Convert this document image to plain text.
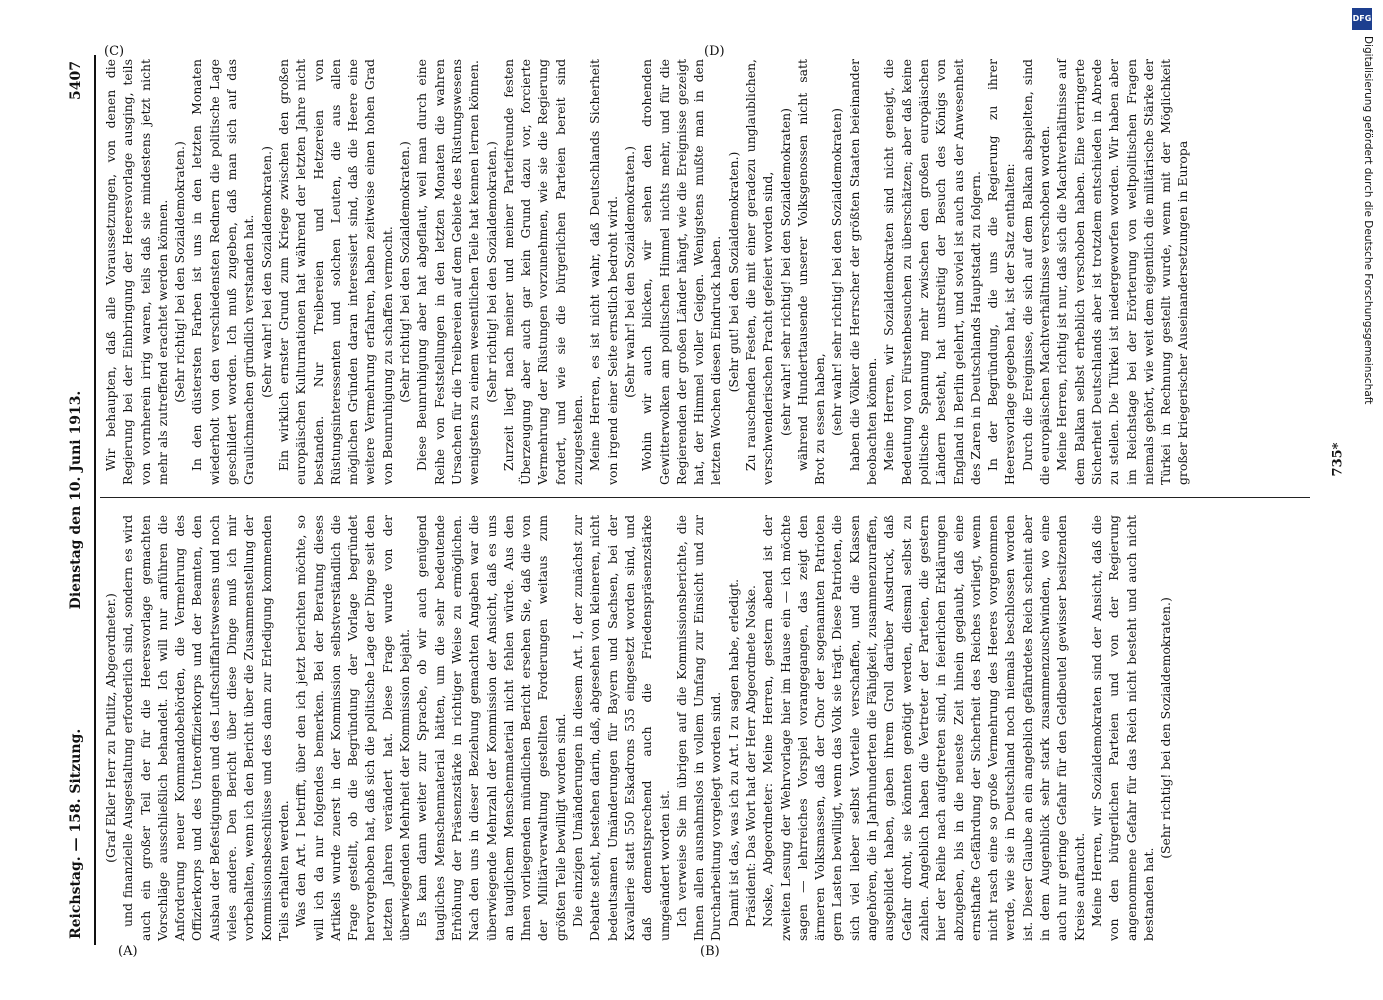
Reichstag. — 158. Sitzung.
Dienstag den 10. Juni 1913.
5407

(Graf Ekler Herr zu Putlitz, Abgeordneter.) und finanzielle Ausgestaltung erforderlich sind, sondern es wird auch ein großer Teil der für die Heeresvorlage gemachten Vorschläge ausschließlich behandelt. Ich will nur anführen die Anforderung neuer Kommandobehörden, die Vermehrung des Offizierkorps und des Unteroffizierkorps und der Beamten, den Ausbau der Befestigungen und des Luftschiffahrtswesens und noch vieles andere. Den Bericht über diese Dinge muß ich mir vorbehalten, wenn ich den Bericht über die Zusammenstellung der Kommissionsbeschlüsse und des dann zur Erledigung kommenden Teils erhalten werden. Was den Art. I betrifft, über den ich jetzt berichten möchte, so will ich da nur folgendes bemerken. Bei der Beratung dieses Artikels wurde zuerst in der Kommission selbstverständlich die Frage gestellt, ob die Begründung der Vorlage begründet hervorgehoben hat, daß sich die politische Lage der Dinge seit den letzten Jahren verändert hat. Diese Frage wurde von der überwiegenden Mehrheit der Kommission bejaht. Es kam dann weiter zur Sprache, ob wir auch genügend taugliches Menschenmaterial hätten, um die sehr bedeutende Erhöhung der Präsenzstärke in richtiger Weise zu ermöglichen. Nach den uns in dieser Beziehung gemachten Angaben war die überwiegende Mehrzahl der Kommission der Ansicht, daß es uns an tauglichem Menschenmaterial nicht fehlen würde. Aus den Ihnen vorliegenden mündlichen Bericht ersehen Sie, daß die von der Militärverwaltung gestellten Forderungen weitaus zum größten Teile bewilligt worden sind. Die einzigen Umänderungen in diesem Art. I, der zunächst zur Debatte steht, bestehen darin, daß, abgesehen von kleineren, nicht bedeutsamen Umänderungen für Bayern und Sachsen, bei der Kavallerie statt 550 Eskadrons 535 eingesetzt worden sind, und daß dementsprechend auch die Friedenspräsenzstärke umgeändert worden ist. Ich verweise Sie im übrigen auf die Kommissionsberichte, die Ihnen allen ausnahmslos in vollem Umfang zur Einsicht und zur Durcharbeitung vorgelegt worden sind. Damit ist das, was ich zu Art. I zu sagen habe, erledigt. Präsident: Das Wort hat der Herr Abgeordnete Noske. Noske, Abgeordneter: Meine Herren, gestern abend ist der zweiten Lesung der Wehrvorlage hier im Hause ein — ich möchte sagen — lehrreiches Vorspiel vorangegangen, das zeigt den ärmeren Volksmassen, daß der Chor der sogenannten Patrioten gern Lasten bewilligt, wenn das Volk sie trägt. Diese Patrioten, die sich viel lieber selbst Vorteile verschaffen, und die Klassen angehören, die in Jahrhunderten die Fähigkeit, zusammenzuraffen, ausgebildet haben, gaben ihrem Groll darüber Ausdruck, daß Gefahr droht, sie könnten genötigt werden, diesmal selbst zu zahlen. Angeblich haben die Vertreter der Parteien, die gestern hier der Reihe nach aufgetreten sind, in feierlichen Erklärungen abzugeben, bis in die neueste Zeit hinein geglaubt, daß eine ernsthafte Gefährdung der Sicherheit des Reiches vorliegt, wenn nicht rasch eine so große Vermehrung des Heeres vorgenommen werde, wie sie in Deutschland noch niemals beschlossen worden ist. Dieser Glaube an ein angeblich gefährdetes Reich scheint aber in dem Augenblick sehr stark zusammenzuschwinden, wo eine auch nur geringe Gefahr für den Geldbeutel gewisser besitzenden Kreise auftaucht. Meine Herren, wir Sozialdemokraten sind der Ansicht, daß die von den bürgerlichen Parteien und von der Regierung angenommene Gefahr für das Reich nicht besteht und auch nicht bestanden hat.

(Sehr richtig! bei den Sozialdemokraten.)

Wir behaupten, daß alle Voraussetzungen, von denen die Regierung bei der Einbringung der Heeresvorlage ausging, teils von vornherein irrig waren, teils daß sie mindestens jetzt nicht mehr als zutreffend erachtet werden können. (Sehr richtig! bei den Sozialdemokraten.) In den düstersten Farben ist uns in den letzten Monaten wiederholt von den verschiedensten Rednern die politische Lage geschildert worden. Ich muß zugeben, daß man sich auf das Graulichmachen gründlich verstanden hat. (Sehr wahr! bei den Sozialdemokraten.) Ein wirklich ernster Grund zum Kriege zwischen den großen europäischen Kulturnationen hat während der letzten Jahre nicht bestanden. Nur Treibereien und Hetzereien von Rüstungsinteressenten und solchen Leuten, die aus allen möglichen Gründen daran interessiert sind, daß die Heere eine weitere Vermehrung erfahren, haben zeitweise einen hohen Grad von Beunruhigung zu schaffen vermocht. (Sehr richtig! bei den Sozialdemokraten.) Diese Beunruhigung aber hat abgeflaut, weil man durch eine Reihe von Feststellungen in den letzten Monaten die wahren Ursachen für die Treibereien auf dem Gebiete des Rüstungswesens wenigstens zu einem wesentlichen Teile hat kennen lernen können. (Sehr richtig! bei den Sozialdemokraten.) Zurzeit liegt nach meiner und meiner Parteifreunde festen Überzeugung aber auch gar kein Grund dazu vor, forcierte Vermehrung der Rüstungen vorzunehmen, wie sie die Regierung fordert, und wie sie die bürgerlichen Parteien bereit sind zuzugestehen. Meine Herren, es ist nicht wahr, daß Deutschlands Sicherheit von irgend einer Seite ernstlich bedroht wird. (Sehr wahr! bei den Sozialdemokraten.) Wohin wir auch blicken, wir sehen den drohenden Gewitterwolken am politischen Himmel nichts mehr, und für die Regierenden der großen Länder hängt, wie die Ereignisse gezeigt hat, der Himmel voller Geigen. Wenigstens mußte man in den letzten Wochen diesen Eindruck haben. (Sehr gut! bei den Sozialdemokraten.) Zu rauschenden Festen, die mit einer geradezu unglaublichen, verschwenderischen Pracht gefeiert worden sind, (sehr wahr! sehr richtig! bei den Sozialdemokraten) während Hunderttausende unserer Volksgenossen nicht satt Brot zu essen haben, (sehr wahr! sehr richtig! bei den Sozialdemokraten) haben die Völker die Herrscher der größten Staaten beieinander beobachten können. Meine Herren, wir Sozialdemokraten sind nicht geneigt, die Bedeutung von Fürstenbesuchen zu überschätzen; aber daß keine politische Spannung mehr zwischen den großen europäischen Ländern besteht, hat unstreitig der Besuch des Königs von England in Berlin gelehrt, und soviel ist auch aus der Anwesenheit des Zaren in Deutschlands Hauptstadt zu folgern. In der Begründung, die uns die Regierung zu ihrer Heeresvorlage gegeben hat, ist der Satz enthalten: Durch die Ereignisse, die sich auf dem Balkan abspielten, sind die europäischen Machtverhältnisse verschoben worden. Meine Herren, richtig ist nur, daß sich die Machtverhältnisse auf dem Balkan selbst erheblich verschoben haben. Eine verringerte Sicherheit Deutschlands aber ist trotzdem entschieden in Abrede zu stellen. Die Türkei ist niedergeworfen worden. Wir haben aber im Reichstage bei der Erörterung von weltpolitischen Fragen niemals gehört, wie weit dem eigentlich die militärische Stärke der Türkei in Rechnung gestellt wurde, wenn mit der Möglichkeit großer kriegerischer Auseinandersetzungen in Europa

(A)	(B)
(C)	(D)
735*
DFG
Digitalisierung gefördert durch die Deutsche Forschungsgemeinschaft
